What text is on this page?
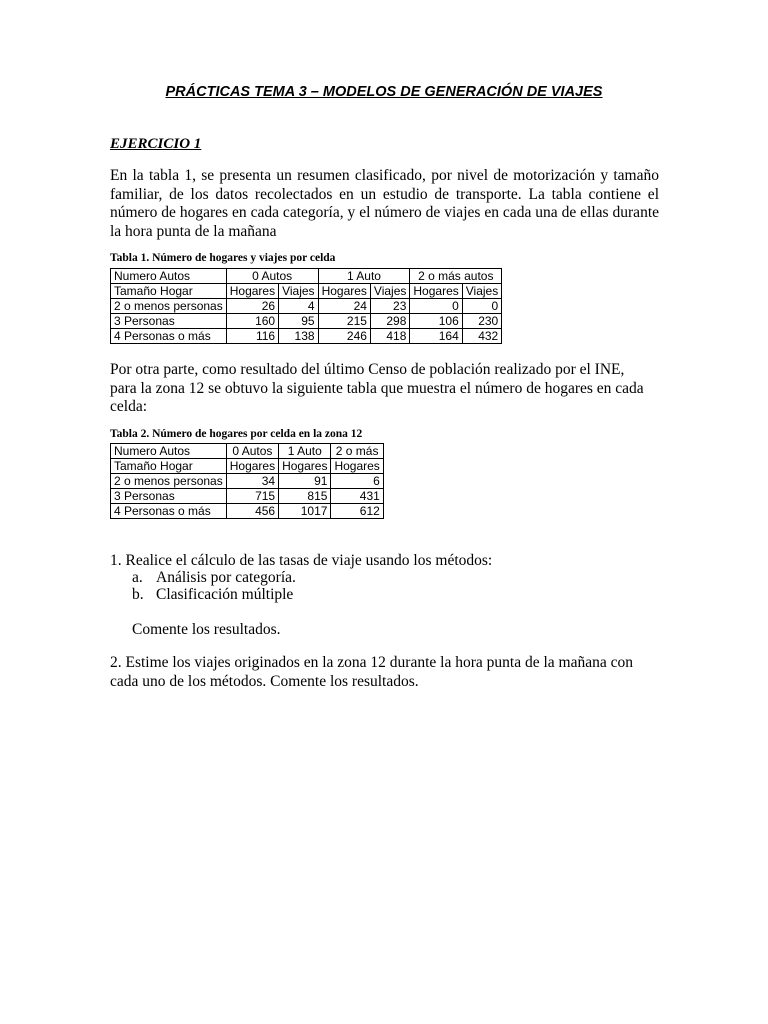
PRÁCTICAS TEMA 3 – MODELOS DE GENERACIÓN DE VIAJES
EJERCICIO 1
En la tabla 1, se presenta un resumen clasificado, por nivel de motorización y tamaño familiar, de los datos recolectados en un estudio de transporte. La tabla contiene el número de hogares en cada categoría, y el número de viajes en cada una de ellas durante la hora punta de la mañana
Tabla 1. Número de hogares y viajes por celda
Numero Autos	0 Autos		1 Auto		2 o más autos	
Tamaño Hogar	Hogares	Viajes	Hogares	Viajes	Hogares	Viajes
2 o menos personas	26	4	24	23	0	0
3 Personas	160	95	215	298	106	230
4 Personas o más	116	138	246	418	164	432
Por otra parte, como resultado del último Censo de población realizado por el INE,
para la zona 12 se obtuvo la siguiente tabla que muestra el número de hogares en cada
celda:
Tabla 2. Número de hogares por celda en la zona 12
Numero Autos	0 Autos	1 Auto	2 o más
Tamaño Hogar	Hogares	Hogares	Hogares
2 o menos personas	34	91	6
3 Personas	715	815	431
4 Personas o más	456	1017	612
1. Realice el cálculo de las tasas de viaje usando los métodos:
a. Análisis por categoría.
b. Clasificación múltiple
Comente los resultados.
2. Estime los viajes originados en la zona 12 durante la hora punta de la mañana con
cada uno de los métodos. Comente los resultados.
